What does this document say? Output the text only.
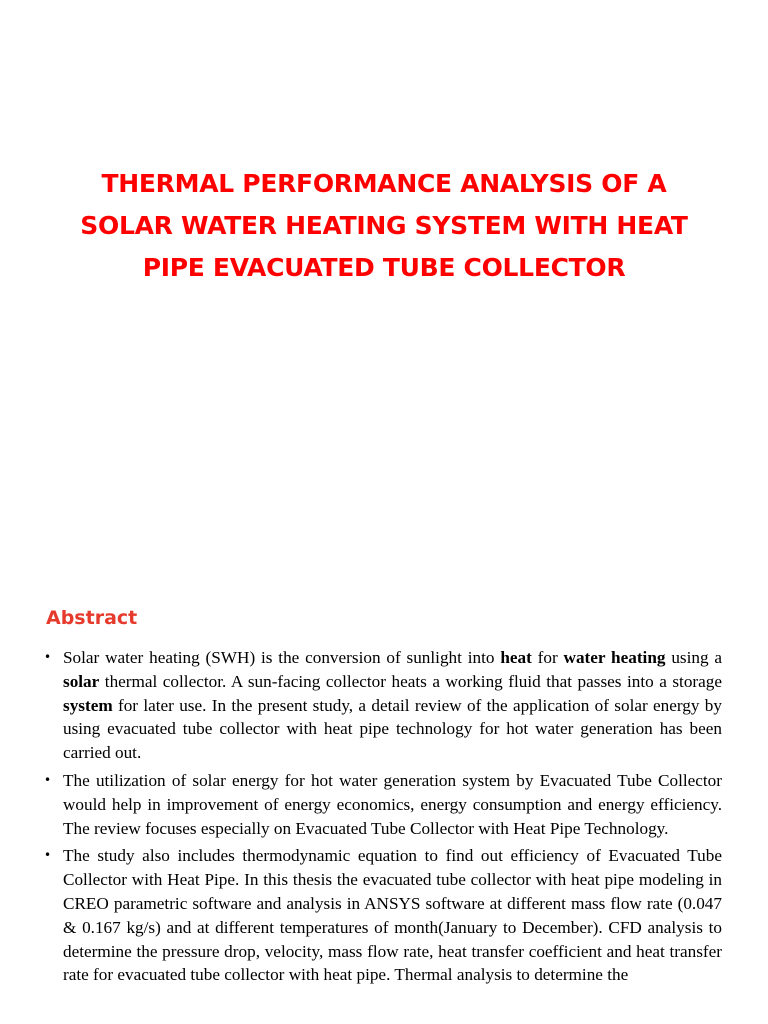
THERMAL PERFORMANCE ANALYSIS OF A
SOLAR WATER HEATING SYSTEM WITH HEAT
PIPE EVACUATED TUBE COLLECTOR
Abstract
• Solar water heating (SWH) is the conversion of sunlight into heat for water heating using a solar thermal collector. A sun-facing collector heats a working fluid that passes into a storage system for later use. In the present study, a detail review of the application of solar energy by using evacuated tube collector with heat pipe technology for hot water generation has been carried out.
• The utilization of solar energy for hot water generation system by Evacuated Tube Collector would help in improvement of energy economics, energy consumption and energy efficiency. The review focuses especially on Evacuated Tube Collector with Heat Pipe Technology.
• The study also includes thermodynamic equation to find out efficiency of Evacuated Tube Collector with Heat Pipe. In this thesis the evacuated tube collector with heat pipe modeling in CREO parametric software and analysis in ANSYS software at different mass flow rate (0.047 & 0.167 kg/s) and at different temperatures of month(January to December). CFD analysis to determine the pressure drop, velocity, mass flow rate, heat transfer coefficient and heat transfer rate for evacuated tube collector with heat pipe. Thermal analysis to determine the
